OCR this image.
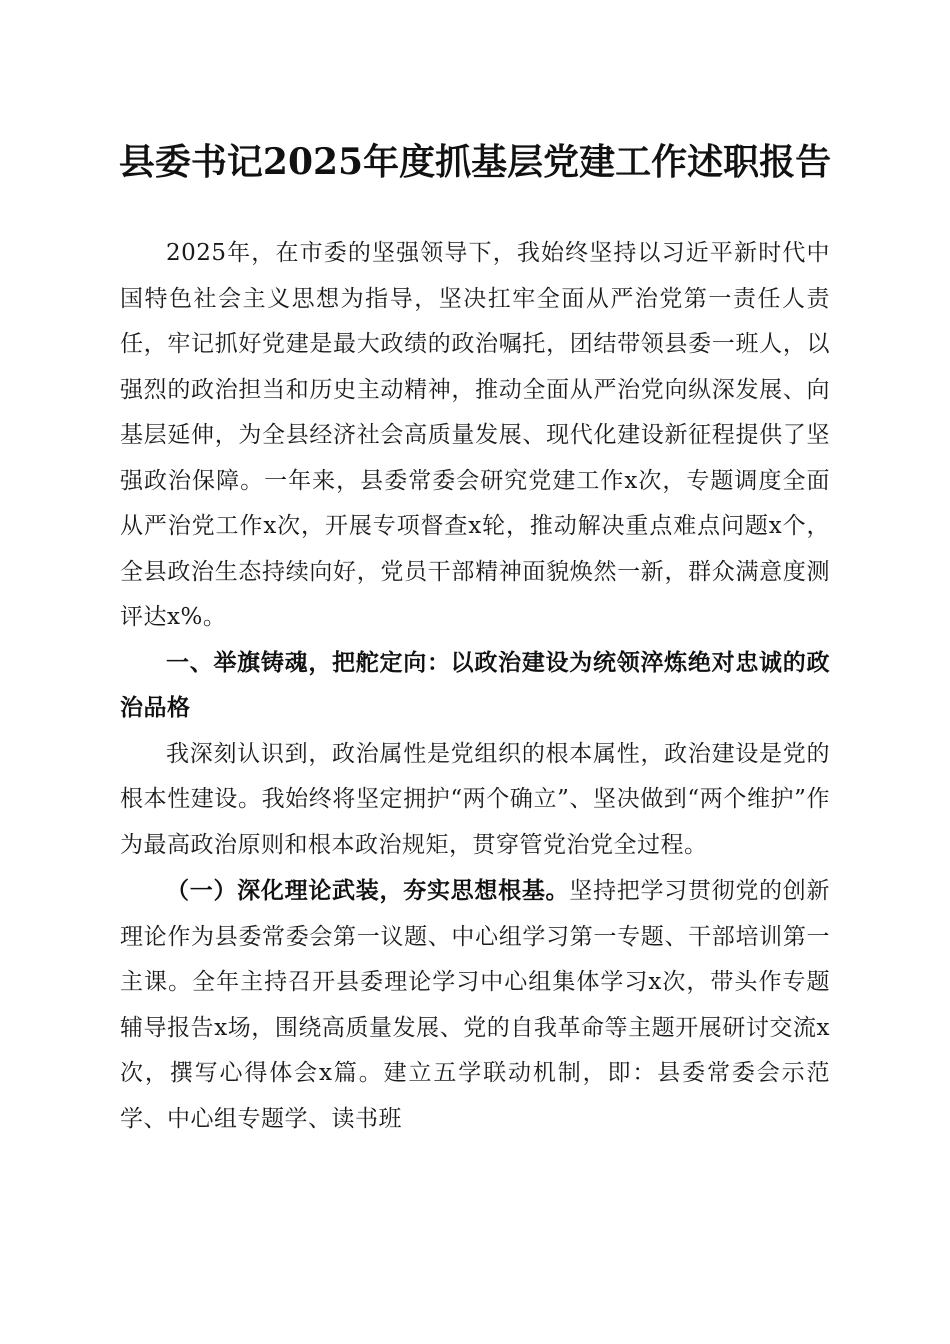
县委书记2025年度抓基层党建工作述职报告

2025年，在市委的坚强领导下，我始终坚持以习近平新时代中国特色社会主义思想为指导，坚决扛牢全面从严治党第一责任人责任，牢记抓好党建是最大政绩的政治嘱托，团结带领县委一班人，以强烈的政治担当和历史主动精神，推动全面从严治党向纵深发展、向基层延伸，为全县经济社会高质量发展、现代化建设新征程提供了坚强政治保障。一年来，县委常委会研究党建工作x次，专题调度全面从严治党工作x次，开展专项督查x轮，推动解决重点难点问题x个，全县政治生态持续向好，党员干部精神面貌焕然一新，群众满意度测评达x%。

一、举旗铸魂，把舵定向：以政治建设为统领淬炼绝对忠诚的政治品格

我深刻认识到，政治属性是党组织的根本属性，政治建设是党的根本性建设。我始终将坚定拥护“两个确立”、坚决做到“两个维护”作为最高政治原则和根本政治规矩，贯穿管党治党全过程。

（一）深化理论武装，夯实思想根基。坚持把学习贯彻党的创新理论作为县委常委会第一议题、中心组学习第一专题、干部培训第一主课。全年主持召开县委理论学习中心组集体学习x次，带头作专题辅导报告x场，围绕高质量发展、党的自我革命等主题开展研讨交流x次，撰写心得体会x篇。建立五学联动机制，即：县委常委会示范学、中心组专题学、读书班
